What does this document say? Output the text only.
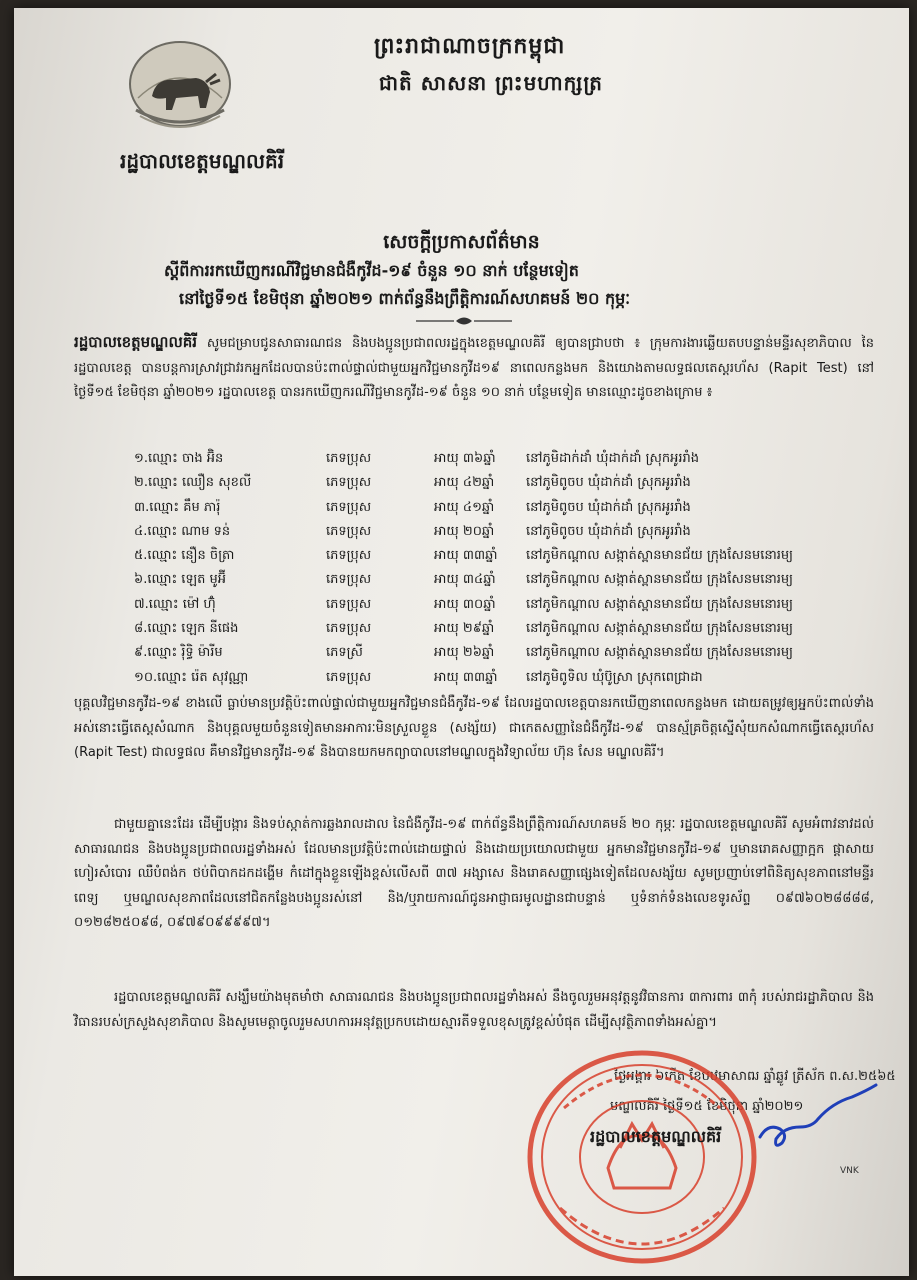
ព្រះរាជាណាចក្រកម្ពុជា
ជាតិ សាសនា ព្រះមហាក្សត្រ
រដ្ឋបាលខេត្តមណ្ឌលគិរី
សេចក្តីប្រកាសព័ត៌មាន
ស្តីពីការរកឃើញករណីវិជ្ជមានជំងឺកូវីដ-១៩ ចំនួន ១០ នាក់ បន្ថែមទៀត
នៅថ្ងៃទី១៥ ខែមិថុនា ឆ្នាំ២០២១ ពាក់ព័ន្ធនឹងព្រឹត្តិការណ៍សហគមន៍ ២០ កុម្ភៈ
រដ្ឋបាលខេត្តមណ្ឌលគិរី សូមជម្រាបជូនសាធារណជន និងបងប្អូនប្រជាពលរដ្ឋក្នុងខេត្តមណ្ឌលគិរី ឲ្យបានជ្រាបថា ៖ ក្រុមការងារឆ្លើយតបបន្ទាន់មន្ទីរសុខាភិបាល នៃរដ្ឋបាលខេត្ត បានបន្តការស្រាវជ្រាវរកអ្នកដែលបានប៉ះពាល់ផ្ទាល់ជាមួយអ្នកវិជ្ជមានកូវីដ១៩ នាពេលកន្លងមក និងយោងតាមលទ្ធផលតេស្តរហ័ស (Rapit Test) នៅថ្ងៃទី១៥ ខែមិថុនា ឆ្នាំ២០២១ រដ្ឋបាលខេត្ត បានរកឃើញករណីវិជ្ជមានកូវីដ-១៩ ចំនួន ១០ នាក់ បន្ថែមទៀត មានឈ្មោះដូចខាងក្រោម ៖
១.ឈ្មោះ ចាង អ៊ិន	ភេទប្រុស	អាយុ ៣៦ឆ្នាំ នៅភូមិដាក់ដាំ ឃុំដាក់ដាំ ស្រុកអូររាំង
២.ឈ្មោះ ឈឿន សុខលី	ភេទប្រុស	អាយុ ៤២ឆ្នាំ នៅភូមិពូចប ឃុំដាក់ដាំ ស្រុកអូររាំង
៣.ឈ្មោះ គឹម ភារ៉ុ	ភេទប្រុស	អាយុ ៤១ឆ្នាំ នៅភូមិពូចប ឃុំដាក់ដាំ ស្រុកអូររាំង
៤.ឈ្មោះ ណាម ទន់	ភេទប្រុស	អាយុ ២០ឆ្នាំ នៅភូមិពូចប ឃុំដាក់ដាំ ស្រុកអូររាំង
៥.ឈ្មោះ នឿន ចិត្រា	ភេទប្រុស	អាយុ ៣៣ឆ្នាំ នៅភូមិកណ្តាល សង្កាត់ស្ពានមានជ័យ ក្រុងសែនមនោរម្យ
៦.ឈ្មោះ ឡេត មូអ៊ី	ភេទប្រុស	អាយុ ៣៤ឆ្នាំ នៅភូមិកណ្តាល សង្កាត់ស្ពានមានជ័យ ក្រុងសែនមនោរម្យ
៧.ឈ្មោះ ម៉ៅ ហ៊ុំ	ភេទប្រុស	អាយុ ៣០ឆ្នាំ នៅភូមិកណ្តាល សង្កាត់ស្ពានមានជ័យ ក្រុងសែនមនោរម្យ
៨.ឈ្មោះ ឡេក នីផេង	ភេទប្រុស	អាយុ ២៩ឆ្នាំ នៅភូមិកណ្តាល សង្កាត់ស្ពានមានជ័យ ក្រុងសែនមនោរម្យ
៩.ឈ្មោះ រ៉ិទ្ធិ ម៉ារីម	ភេទស្រី	អាយុ ២៦ឆ្នាំ នៅភូមិកណ្តាល សង្កាត់ស្ពានមានជ័យ ក្រុងសែនមនោរម្យ
១០.ឈ្មោះ រ៉េត សុវណ្ណា	ភេទប្រុស	អាយុ ៣៣ឆ្នាំ នៅភូមិពូទិល ឃុំប៊ូស្រា ស្រុកពេជ្រាដា
បុគ្គលវិជ្ជមានកូវីដ-១៩ ខាងលើ ធ្លាប់មានប្រវត្តិប៉ះពាល់ផ្ទាល់ជាមួយអ្នកវិជ្ជមានជំងឺកូវីដ-១៩ ដែលរដ្ឋបាលខេត្តបានរកឃើញនាពេលកន្លងមក ដោយតម្រូវឲ្យអ្នកប៉ះពាល់ទាំងអស់នោះធ្វើតេស្តសំណាក និងបុគ្គលមួយចំនួនទៀតមានអាការៈមិនស្រួលខ្លួន (សង្ស័យ) ជាកេតសញ្ញានៃជំងឺកូវីដ-១៩ បានស្ម័គ្រចិត្តស្នើសុំយកសំណាកធ្វើតេស្តរហ័ស (Rapit Test) ជាលទ្ធផល គឺមានវិជ្ជមានកូវីដ-១៩ និងបានយកមកព្យាបាលនៅមណ្ឌលក្នុងវិទ្យាល័យ ហ៊ុន សែន មណ្ឌលគិរី។
ជាមួយគ្នានេះដែរ ដើម្បីបង្ការ និងទប់ស្កាត់ការឆ្លងរាលដាល នៃជំងឺកូវីដ-១៩ ពាក់ព័ន្ធនឹងព្រឹត្តិការណ៍សហគមន៍ ២០ កុម្ភៈ រដ្ឋបាលខេត្តមណ្ឌលគិរី សូមអំពាវនាវដល់សាធារណជន និងបងប្អូនប្រជាពលរដ្ឋទាំងអស់ ដែលមានប្រវត្តិប៉ះពាល់ដោយផ្ទាល់ និងដោយប្រយោលជាមួយ អ្នកមានវិជ្ជមានកូវីដ-១៩ ឬមានរោគសញ្ញាក្អក ផ្តាសាយ ហៀរសំបោរ ឈឺបំពង់ក ថប់ពិបាកដកដង្ហើម កំដៅក្នុងខ្លួនឡើងខ្ពស់លើសពី ៣៧ អង្សាសេ និងរោគសញ្ញាផ្សេងទៀតដែលសង្ស័យ សូមប្រញាប់ទៅពិនិត្យសុខភាពនៅមន្ទីរពេទ្យ ឬមណ្ឌលសុខភាពដែលនៅជិតកន្លែងបងប្អូនរស់នៅ និង/ឬរាយការណ៍ជូនអាជ្ញាធរមូលដ្ឋានជាបន្ទាន់ ឬទំនាក់ទំនងលេខទូរស័ព្ទ ០៩៧៦០២៨៨៨៨, ០១២៨២៥០៩៨, ០៩៧៩០៩៩៩៩៧។
រដ្ឋបាលខេត្តមណ្ឌលគិរី សង្ឃឹមយ៉ាងមុតមាំថា សាធារណជន និងបងប្អូនប្រជាពលរដ្ឋទាំងអស់ នឹងចូលរួមអនុវត្តនូវវិធានការ ៣ការពារ ៣កុំ របស់រាជរដ្ឋាភិបាល និងវិធានរបស់ក្រសួងសុខាភិបាល និងសូមមេត្តាចូលរួមសហការអនុវត្តប្រកបដោយស្មារតីទទួលខុសត្រូវខ្ពស់បំផុត ដើម្បីសុវត្ថិភាពទាំងអស់គ្នា។
ថ្ងៃអង្គារ ៦កើត ខែបឋមាសាឍ ឆ្នាំឆ្លូវ ត្រីស័ក ព.ស.២៥៦៥
មណ្ឌលគិរី ថ្ងៃទី១៥ ខែមិថុនា ឆ្នាំ២០២១
រដ្ឋបាលខេត្តមណ្ឌលគិរី
VNK
